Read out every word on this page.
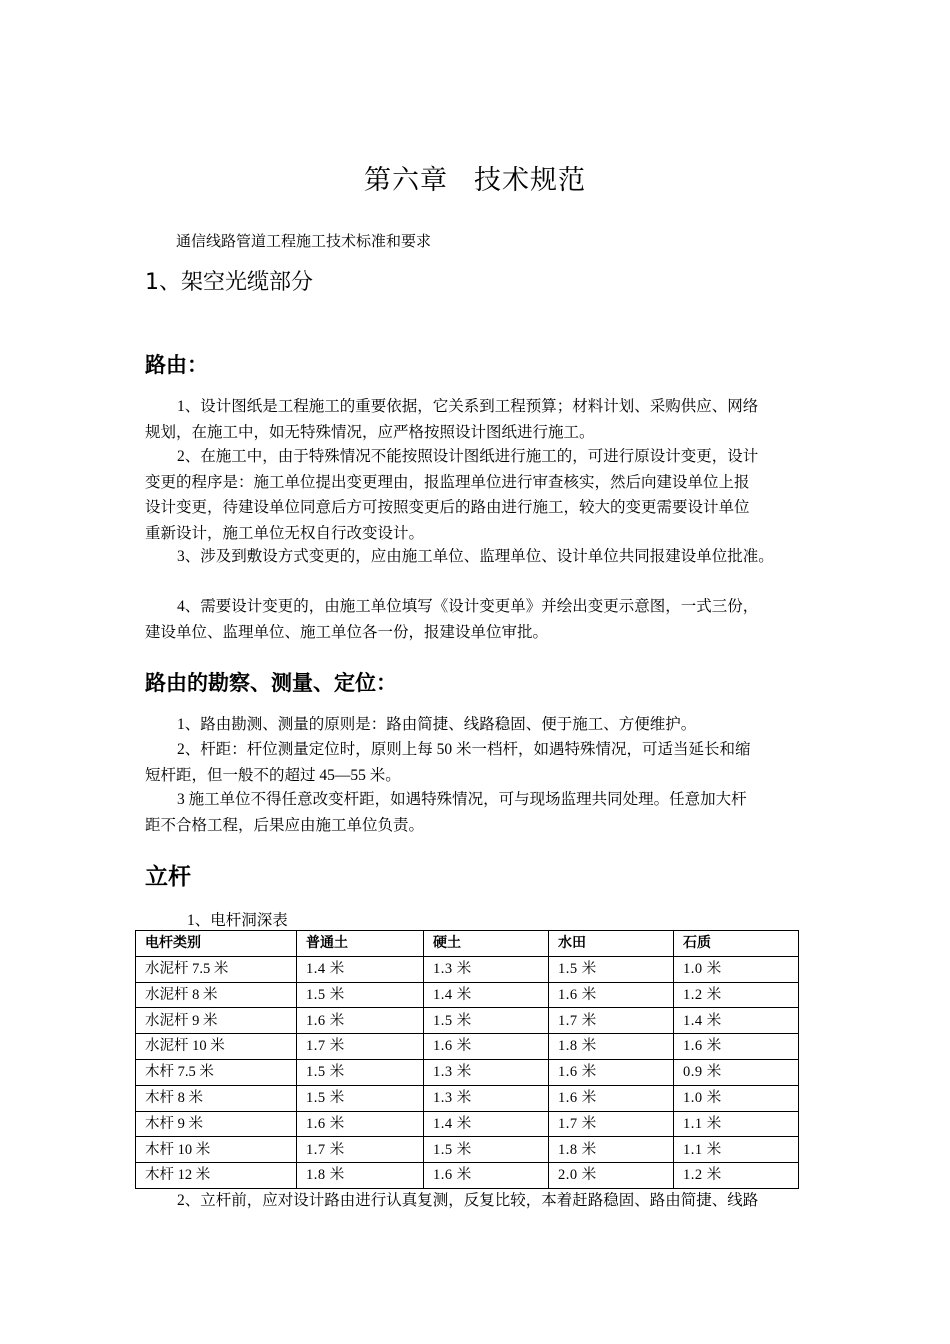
第六章 技术规范
通信线路管道工程施工技术标准和要求
1、架空光缆部分
路由：
1、设计图纸是工程施工的重要依据，它关系到工程预算；材料计划、采购供应、网络
规划，在施工中，如无特殊情况，应严格按照设计图纸进行施工。
2、在施工中，由于特殊情况不能按照设计图纸进行施工的，可进行原设计变更，设计
变更的程序是：施工单位提出变更理由，报监理单位进行审查核实，然后向建设单位上报
设计变更，待建设单位同意后方可按照变更后的路由进行施工，较大的变更需要设计单位
重新设计，施工单位无权自行改变设计。
3、涉及到敷设方式变更的，应由施工单位、监理单位、设计单位共同报建设单位批准。
4、需要设计变更的，由施工单位填写《设计变更单》并绘出变更示意图，一式三份，
建设单位、监理单位、施工单位各一份，报建设单位审批。
路由的勘察、测量、定位：
1、路由勘测、测量的原则是：路由简捷、线路稳固、便于施工、方便维护。
2、杆距：杆位测量定位时，原则上每 50 米一档杆，如遇特殊情况，可适当延长和缩
短杆距，但一般不的超过 45—55 米。
3 施工单位不得任意改变杆距，如遇特殊情况，可与现场监理共同处理。任意加大杆
距不合格工程，后果应由施工单位负责。
立杆
1、电杆洞深表
电杆类别	普通土	硬土	水田	石质
水泥杆 7.5 米	1.4 米	1.3 米	1.5 米	1.0 米
水泥杆 8 米	1.5 米	1.4 米	1.6 米	1.2 米
水泥杆 9 米	1.6 米	1.5 米	1.7 米	1.4 米
水泥杆 10 米	1.7 米	1.6 米	1.8 米	1.6 米
木杆 7.5 米	1.5 米	1.3 米	1.6 米	0.9 米
木杆 8 米	1.5 米	1.3 米	1.6 米	1.0 米
木杆 9 米	1.6 米	1.4 米	1.7 米	1.1 米
木杆 10 米	1.7 米	1.5 米	1.8 米	1.1 米
木杆 12 米	1.8 米	1.6 米	2.0 米	1.2 米
2、立杆前，应对设计路由进行认真复测，反复比较，本着赶路稳固、路由简捷、线路
